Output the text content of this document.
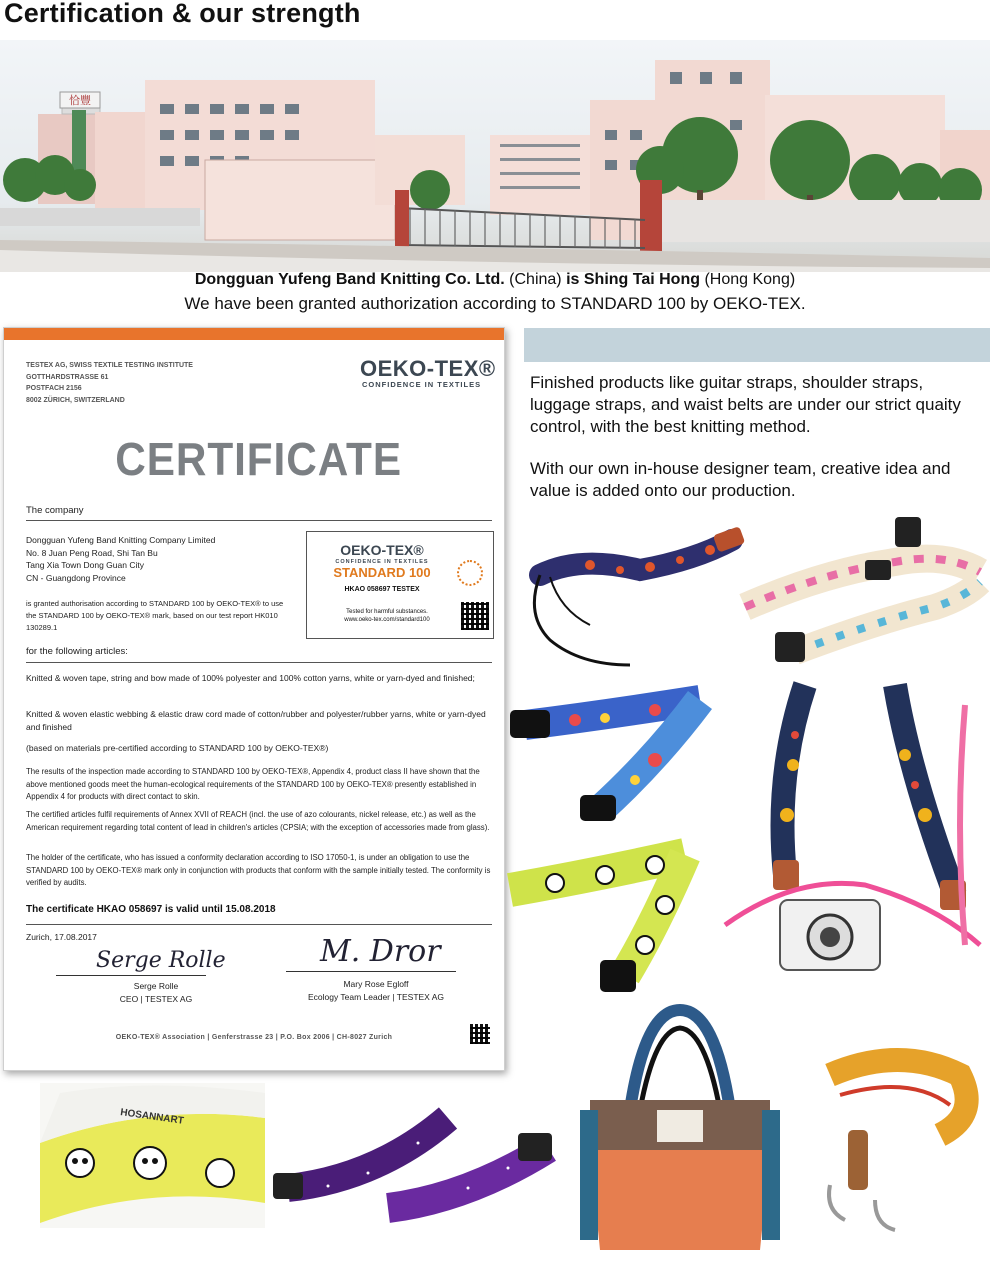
Certification & our strength
恰豐
Dongguan Yufeng Band Knitting Co. Ltd. (China) is Shing Tai Hong (Hong Kong)
We have been granted authorization according to STANDARD 100 by OEKO-TEX.
TESTEX AG, SWISS TEXTILE TESTING INSTITUTE
GOTTHARDSTRASSE 61
POSTFACH 2156
8002 ZÜRICH, SWITZERLAND
OEKO-TEX®
CONFIDENCE IN TEXTILES
CERTIFICATE
The company
Dongguan Yufeng Band Knitting Company Limited
No. 8 Juan Peng Road, Shi Tan Bu
Tang Xia Town Dong Guan City
CN - Guangdong Province
is granted authorisation according to STANDARD 100 by OEKO-TEX® to use the STANDARD 100 by OEKO-TEX® mark, based on our test report HK010 130289.1
OEKO-TEX®
CONFIDENCE IN TEXTILES
STANDARD 100
HKAO 058697 TESTEX
Tested for harmful substances.
www.oeko-tex.com/standard100
for the following articles:
Knitted & woven tape, string and bow made of 100% polyester and 100% cotton yarns, white or yarn-dyed and finished;
Knitted & woven elastic webbing & elastic draw cord made of cotton/rubber and polyester/rubber yarns, white or yarn-dyed and finished
(based on materials pre-certified according to STANDARD 100 by OEKO-TEX®)
The results of the inspection made according to STANDARD 100 by OEKO-TEX®, Appendix 4, product class II have shown that the above mentioned goods meet the human-ecological requirements of the STANDARD 100 by OEKO-TEX® presently established in Appendix 4 for products with direct contact to skin.
The certified articles fulfil requirements of Annex XVII of REACH (incl. the use of azo colourants, nickel release, etc.) as well as the American requirement regarding total content of lead in children's articles (CPSIA; with the exception of accessories made from glass).
The holder of the certificate, who has issued a conformity declaration according to ISO 17050-1, is under an obligation to use the STANDARD 100 by OEKO-TEX® mark only in conjunction with products that conform with the sample initially tested. The conformity is verified by audits.
The certificate HKAO 058697 is valid until 15.08.2018
Zurich, 17.08.2017
Serge Rolle
Serge Rolle
CEO | TESTEX AG
M. Dror
Mary Rose Egloff
Ecology Team Leader | TESTEX AG
OEKO-TEX® Association | Genferstrasse 23 | P.O. Box 2006 | CH-8027 Zurich

Finished products like guitar straps, shoulder straps, luggage straps, and waist belts are under our strict quaity control, with the best knitting method.

With our own in-house designer team, creative idea and value is added onto our production.

HOSANNART
